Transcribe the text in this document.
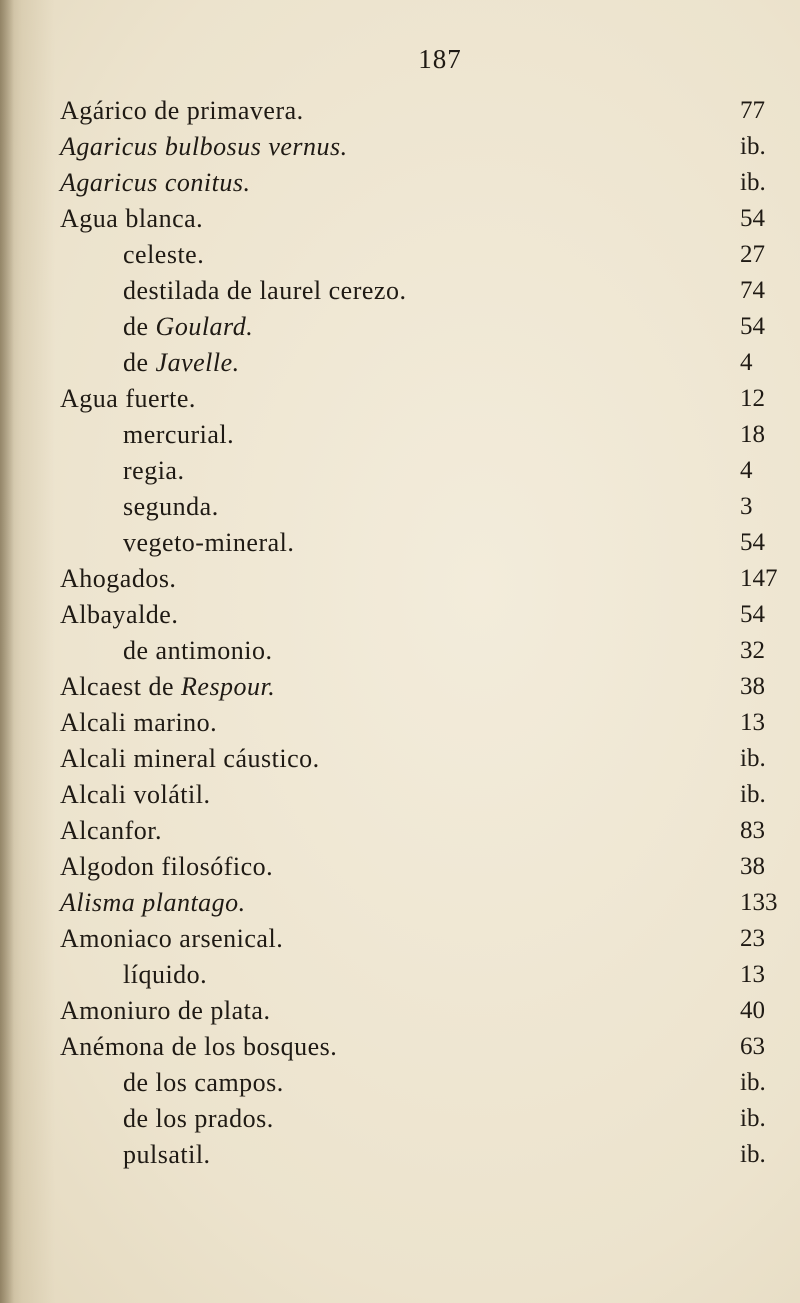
187
Agárico de primavera.	77
Agaricus bulbosus vernus.	ib.
Agaricus conitus.	ib.
Agua blanca.	54
celeste.	27
destilada de laurel cerezo.	74
de Goulard.	54
de Javelle.	4
Agua fuerte.	12
mercurial.	18
regia.	4
segunda.	3
vegeto-mineral.	54
Ahogados.	147
Albayalde.	54
de antimonio.	32
Alcaest de Respour.	38
Alcali marino.	13
Alcali mineral cáustico.	ib.
Alcali volátil.	ib.
Alcanfor.	83
Algodon filosófico.	38
Alisma plantago.	133
Amoniaco arsenical.	23
líquido.	13
Amoniuro de plata.	40
Anémona de los bosques.	63
de los campos.	ib.
de los prados.	ib.
pulsatil.	ib.
